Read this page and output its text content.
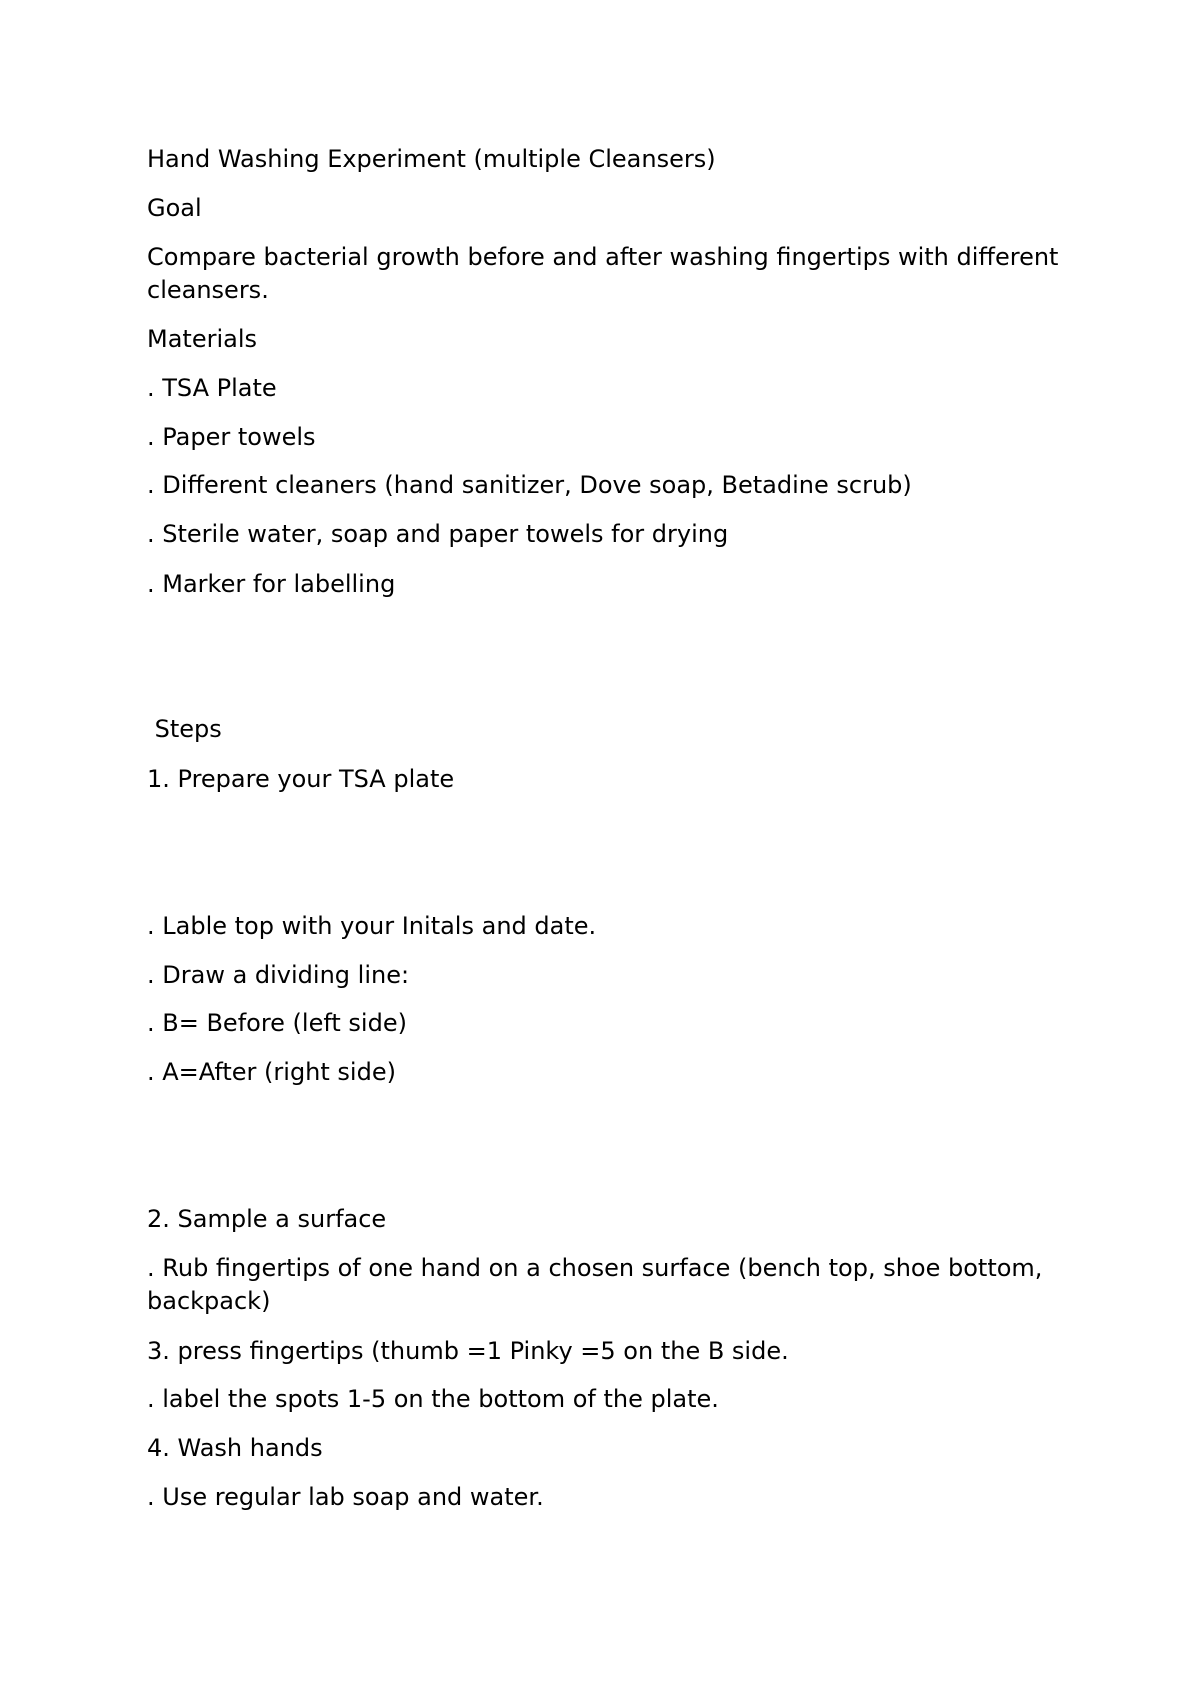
Hand Washing Experiment (multiple Cleansers)

Goal

Compare bacterial growth before and after washing fingertips with different cleansers.

Materials

. TSA Plate

. Paper towels

. Different cleaners (hand sanitizer, Dove soap, Betadine scrub)

. Sterile water, soap and paper towels for drying

. Marker for labelling

Steps

1. Prepare your TSA plate

. Lable top with your Initals and date.

. Draw a dividing line:

. B= Before (left side)

. A=After (right side)

2. Sample a surface

. Rub fingertips of one hand on a chosen surface (bench top, shoe bottom, backpack)

3. press fingertips (thumb =1 Pinky =5 on the B side.

. label the spots 1-5 on the bottom of the plate.

4. Wash hands

. Use regular lab soap and water.
